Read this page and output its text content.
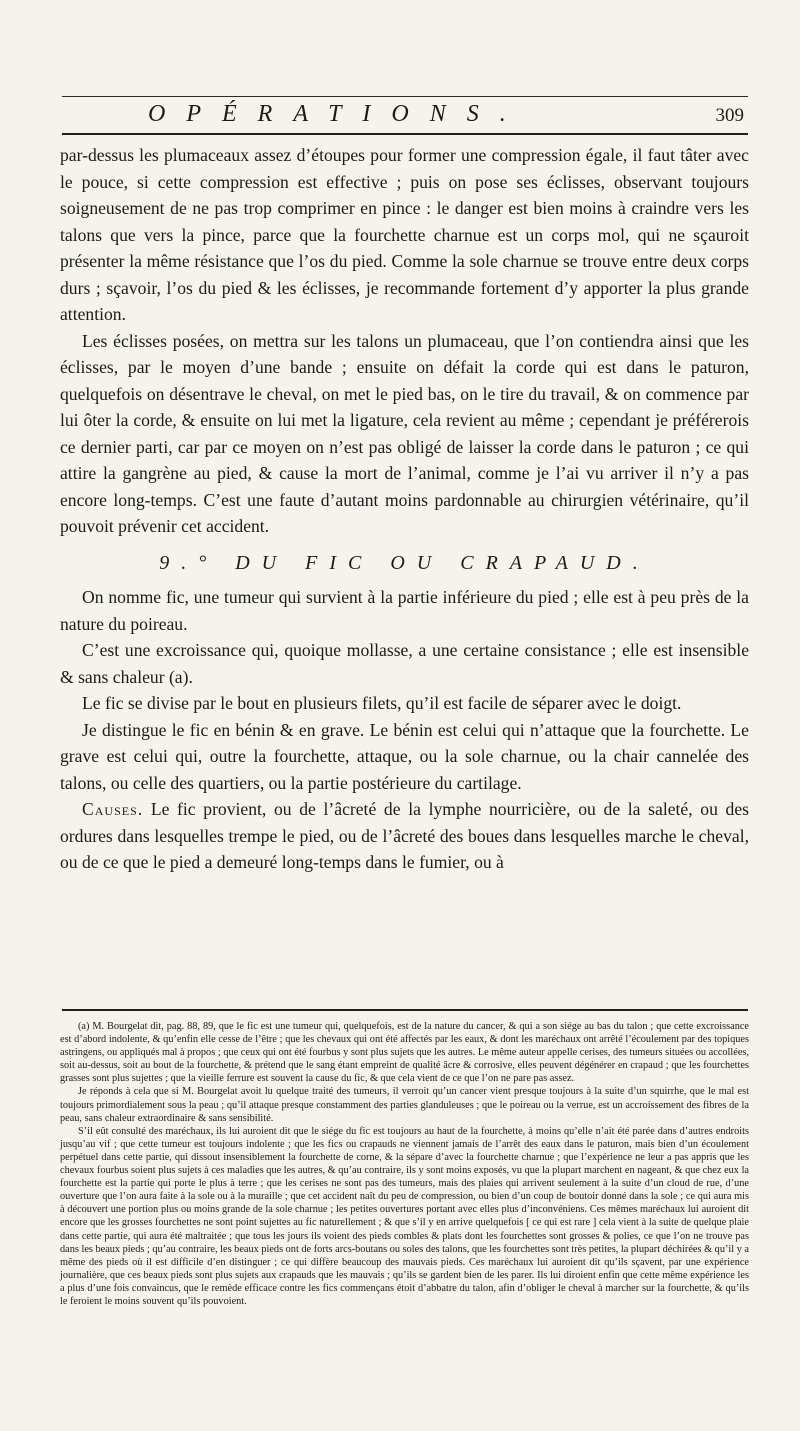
OPÉRATIONS.	309

par-dessus les plumaceaux assez d’étoupes pour former une compression égale, il faut tâter avec le pouce, si cette compression est effective ; puis on pose ses éclisses, observant toujours soigneusement de ne pas trop comprimer en pince : le danger est bien moins à craindre vers les talons que vers la pince, parce que la fourchette charnue est un corps mol, qui ne sçauroit présenter la même résistance que l’os du pied. Comme la sole charnue se trouve entre deux corps durs ; sçavoir, l’os du pied & les éclisses, je recommande fortement d’y apporter la plus grande attention.

Les éclisses posées, on mettra sur les talons un plumaceau, que l’on contiendra ainsi que les éclisses, par le moyen d’une bande ; ensuite on défait la corde qui est dans le paturon, quelquefois on désentrave le cheval, on met le pied bas, on le tire du travail, & on commence par lui ôter la corde, & ensuite on lui met la ligature, cela revient au même ; cependant je préférerois ce dernier parti, car par ce moyen on n’est pas obligé de laisser la corde dans le paturon ; ce qui attire la gangrène au pied, & cause la mort de l’animal, comme je l’ai vu arriver il n’y a pas encore long-temps. C’est une faute d’autant moins pardonnable au chirurgien vétérinaire, qu’il pouvoit prévenir cet accident.

9.° DU FIC OU CRAPAUD.

On nomme fic, une tumeur qui survient à la partie inférieure du pied ; elle est à peu près de la nature du poireau.

C’est une excroissance qui, quoique mollasse, a une certaine consistance ; elle est insensible & sans chaleur (a).

Le fic se divise par le bout en plusieurs filets, qu’il est facile de séparer avec le doigt.

Je distingue le fic en bénin & en grave. Le bénin est celui qui n’attaque que la fourchette. Le grave est celui qui, outre la fourchette, attaque, ou la sole charnue, ou la chair cannelée des talons, ou celle des quartiers, ou la partie postérieure du cartilage.

Causes. Le fic provient, ou de l’âcreté de la lymphe nourricière, ou de la saleté, ou des ordures dans lesquelles trempe le pied, ou de l’âcreté des boues dans lesquelles marche le cheval, ou de ce que le pied a demeuré long-temps dans le fumier, ou à

(a) M. Bourgelat dit, pag. 88, 89, que le fic est une tumeur qui, quelquefois, est de la nature du cancer, & qui a son siége au bas du talon ; que cette excroissance est d’abord indolente, & qu’enfin elle cesse de l’être ; que les chevaux qui ont été affectés par les eaux, & dont les maréchaux ont arrêté l’écoulement par des topiques astringens, ou appliqués mal à propos ; que ceux qui ont été fourbus y sont plus sujets que les autres. Le même auteur appelle cerises, des tumeurs situées ou accollées, soit au-dessus, soit au bout de la fourchette, & prétend que le sang étant empreint de qualité âcre & corrosive, elles peuvent dégénérer en crapaud ; que les fourchettes grasses sont plus sujettes ; que la vieille ferrure est souvent la cause du fic, & que cela vient de ce que l’on ne pare pas assez.

Je réponds à cela que si M. Bourgelat avoit lu quelque traité des tumeurs, il verroit qu’un cancer vient presque toujours à la suite d’un squirrhe, que le mal est toujours primordialement sous la peau ; qu’il attaque presque constamment des parties glanduleuses ; que le poireau ou la verrue, est un accroissement des fibres de la peau, sans chaleur extraordinaire & sans sensibilité.

S’il eût consulté des maréchaux, ils lui auroient dit que le siége du fic est toujours au haut de la fourchette, à moins qu’elle n’ait été parée dans d’autres endroits jusqu’au vif ; que cette tumeur est toujours indolente ; que les fics ou crapauds ne viennent jamais de l’arrêt des eaux dans le paturon, mais bien d’un écoulement perpétuel dans cette partie, qui dissout insensiblement la fourchette de corne, & la sépare d’avec la fourchette charnue ; que l’expérience ne leur a pas appris que les chevaux fourbus soient plus sujets à ces maladies que les autres, & qu’au contraire, ils y sont moins exposés, vu que la plupart marchent en nageant, & que chez eux la fourchette est la partie qui porte le plus à terre ; que les cerises ne sont pas des tumeurs, mais des plaies qui arrivent seulement à la suite d’un cloud de rue, d’une ouverture que l’on aura faite à la sole ou à la muraille ; que cet accident naît du peu de compression, ou bien d’un coup de boutoir donné dans la sole ; ce qui aura mis à découvert une portion plus ou moins grande de la sole charnue ; les petites ouvertures portant avec elles plus d’inconvéniens. Ces mêmes maréchaux lui auroient dit encore que les grosses fourchettes ne sont point sujettes au fic naturellement ; & que s’il y en arrive quelquefois [ ce qui est rare ] cela vient à la suite de quelque plaie dans cette partie, qui aura été maltraitée ; que tous les jours ils voient des pieds combles & plats dont les fourchettes sont grosses & polies, ce que l’on ne trouve pas dans les beaux pieds ; qu’au contraire, les beaux pieds ont de forts arcs-boutans ou soles des talons, que les fourchettes sont très petites, la plupart déchirées & qu’il y a même des pieds où il est difficile d’en distinguer ; ce qui diffère beaucoup des mauvais pieds. Ces maréchaux lui auroient dit qu’ils sçavent, par une expérience journalière, que ces beaux pieds sont plus sujets aux crapauds que les mauvais ; qu’ils se gardent bien de les parer. Ils lui diroient enfin que cette même expérience les a plus d’une fois convaincus, que le remède efficace contre les fics commençans étoit d’abbatre du talon, afin d’obliger le cheval à marcher sur la fourchette, & qu’ils le feroient le moins souvent qu’ils pouvoient.
